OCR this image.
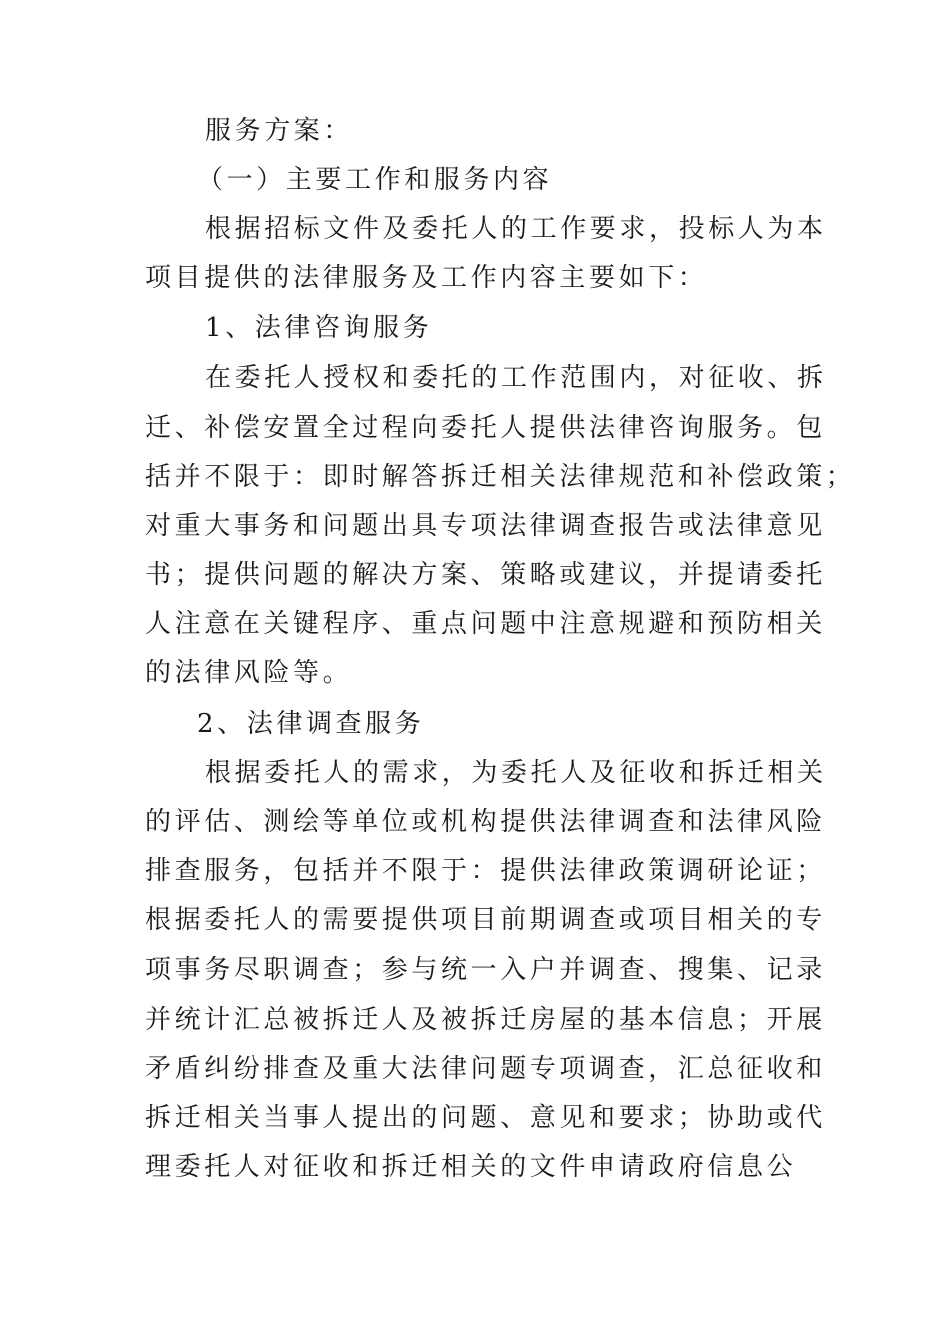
服务方案：
（一）主要工作和服务内容
根据招标文件及委托人的工作要求，投标人为本
项目提供的法律服务及工作内容主要如下：
1、法律咨询服务
在委托人授权和委托的工作范围内，对征收、拆
迁、补偿安置全过程向委托人提供法律咨询服务。包
括并不限于：即时解答拆迁相关法律规范和补偿政策；
对重大事务和问题出具专项法律调查报告或法律意见
书；提供问题的解决方案、策略或建议，并提请委托
人注意在关键程序、重点问题中注意规避和预防相关
的法律风险等。
2、法律调查服务
根据委托人的需求，为委托人及征收和拆迁相关
的评估、测绘等单位或机构提供法律调查和法律风险
排查服务，包括并不限于：提供法律政策调研论证；
根据委托人的需要提供项目前期调查或项目相关的专
项事务尽职调查；参与统一入户并调查、搜集、记录
并统计汇总被拆迁人及被拆迁房屋的基本信息；开展
矛盾纠纷排查及重大法律问题专项调查，汇总征收和
拆迁相关当事人提出的问题、意见和要求；协助或代
理委托人对征收和拆迁相关的文件申请政府信息公
